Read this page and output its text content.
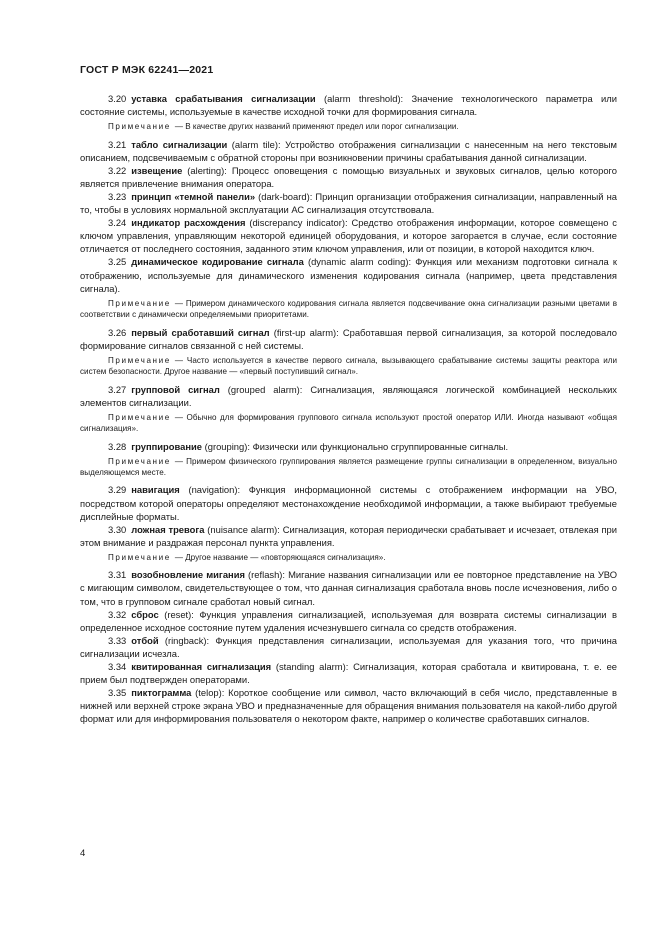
ГОСТ Р МЭК 62241—2021

3.20 уставка срабатывания сигнализации (alarm threshold): Значение технологического параметра или состояние системы, используемые в качестве исходной точки для формирования сигнала.

Примечание — В качестве других названий применяют предел или порог сигнализации.

3.21 табло сигнализации (alarm tile): Устройство отображения сигнализации с нанесенным на него текстовым описанием, подсвечиваемым с обратной стороны при возникновении причины срабатывания данной сигнализации.

3.22 извещение (alerting): Процесс оповещения с помощью визуальных и звуковых сигналов, целью которого является привлечение внимания оператора.

3.23 принцип «темной панели» (dark-board): Принцип организации отображения сигнализации, направленный на то, чтобы в условиях нормальной эксплуатации АС сигнализация отсутствовала.

3.24 индикатор расхождения (discrepancy indicator): Средство отображения информации, которое совмещено с ключом управления, управляющим некоторой единицей оборудования, и которое загорается в случае, если состояние отличается от последнего состояния, заданного этим ключом управления, или от позиции, в которой находится ключ.

3.25 динамическое кодирование сигнала (dynamic alarm coding): Функция или механизм подготовки сигнала к отображению, используемые для динамического изменения кодирования сигнала (например, цвета представления сигнала).

Примечание — Примером динамического кодирования сигнала является подсвечивание окна сигнализации разными цветами в соответствии с динамически определяемыми приоритетами.

3.26 первый сработавший сигнал (first-up alarm): Сработавшая первой сигнализация, за которой последовало формирование сигналов связанной с ней системы.

Примечание — Часто используется в качестве первого сигнала, вызывающего срабатывание системы защиты реактора или систем безопасности. Другое название — «первый поступивший сигнал».

3.27 групповой сигнал (grouped alarm): Сигнализация, являющаяся логической комбинацией нескольких элементов сигнализации.

Примечание — Обычно для формирования группового сигнала используют простой оператор ИЛИ. Иногда называют «общая сигнализация».

3.28 группирование (grouping): Физически или функционально сгруппированные сигналы.

Примечание — Примером физического группирования является размещение группы сигнализации в определенном, визуально выделяющемся месте.

3.29 навигация (navigation): Функция информационной системы с отображением информации на УВО, посредством которой операторы определяют местонахождение необходимой информации, а также выбирают требуемые дисплейные форматы.

3.30 ложная тревога (nuisance alarm): Сигнализация, которая периодически срабатывает и исчезает, отвлекая при этом внимание и раздражая персонал пункта управления.

Примечание — Другое название — «повторяющаяся сигнализация».

3.31 возобновление мигания (reflash): Мигание названия сигнализации или ее повторное представление на УВО с мигающим символом, свидетельствующее о том, что данная сигнализация сработала вновь после исчезновения, либо о том, что в групповом сигнале сработал новый сигнал.

3.32 сброс (reset): Функция управления сигнализацией, используемая для возврата системы сигнализации в определенное исходное состояние путем удаления исчезнувшего сигнала со средств отображения.

3.33 отбой (ringback): Функция представления сигнализации, используемая для указания того, что причина сигнализации исчезла.

3.34 квитированная сигнализация (standing alarm): Сигнализация, которая сработала и квитирована, т. е. ее прием был подтвержден операторами.

3.35 пиктограмма (telop): Короткое сообщение или символ, часто включающий в себя число, представленные в нижней или верхней строке экрана УВО и предназначенные для обращения внимания пользователя на какой-либо другой формат или для информирования пользователя о некотором факте, например о количестве сработавших сигналов.

4
